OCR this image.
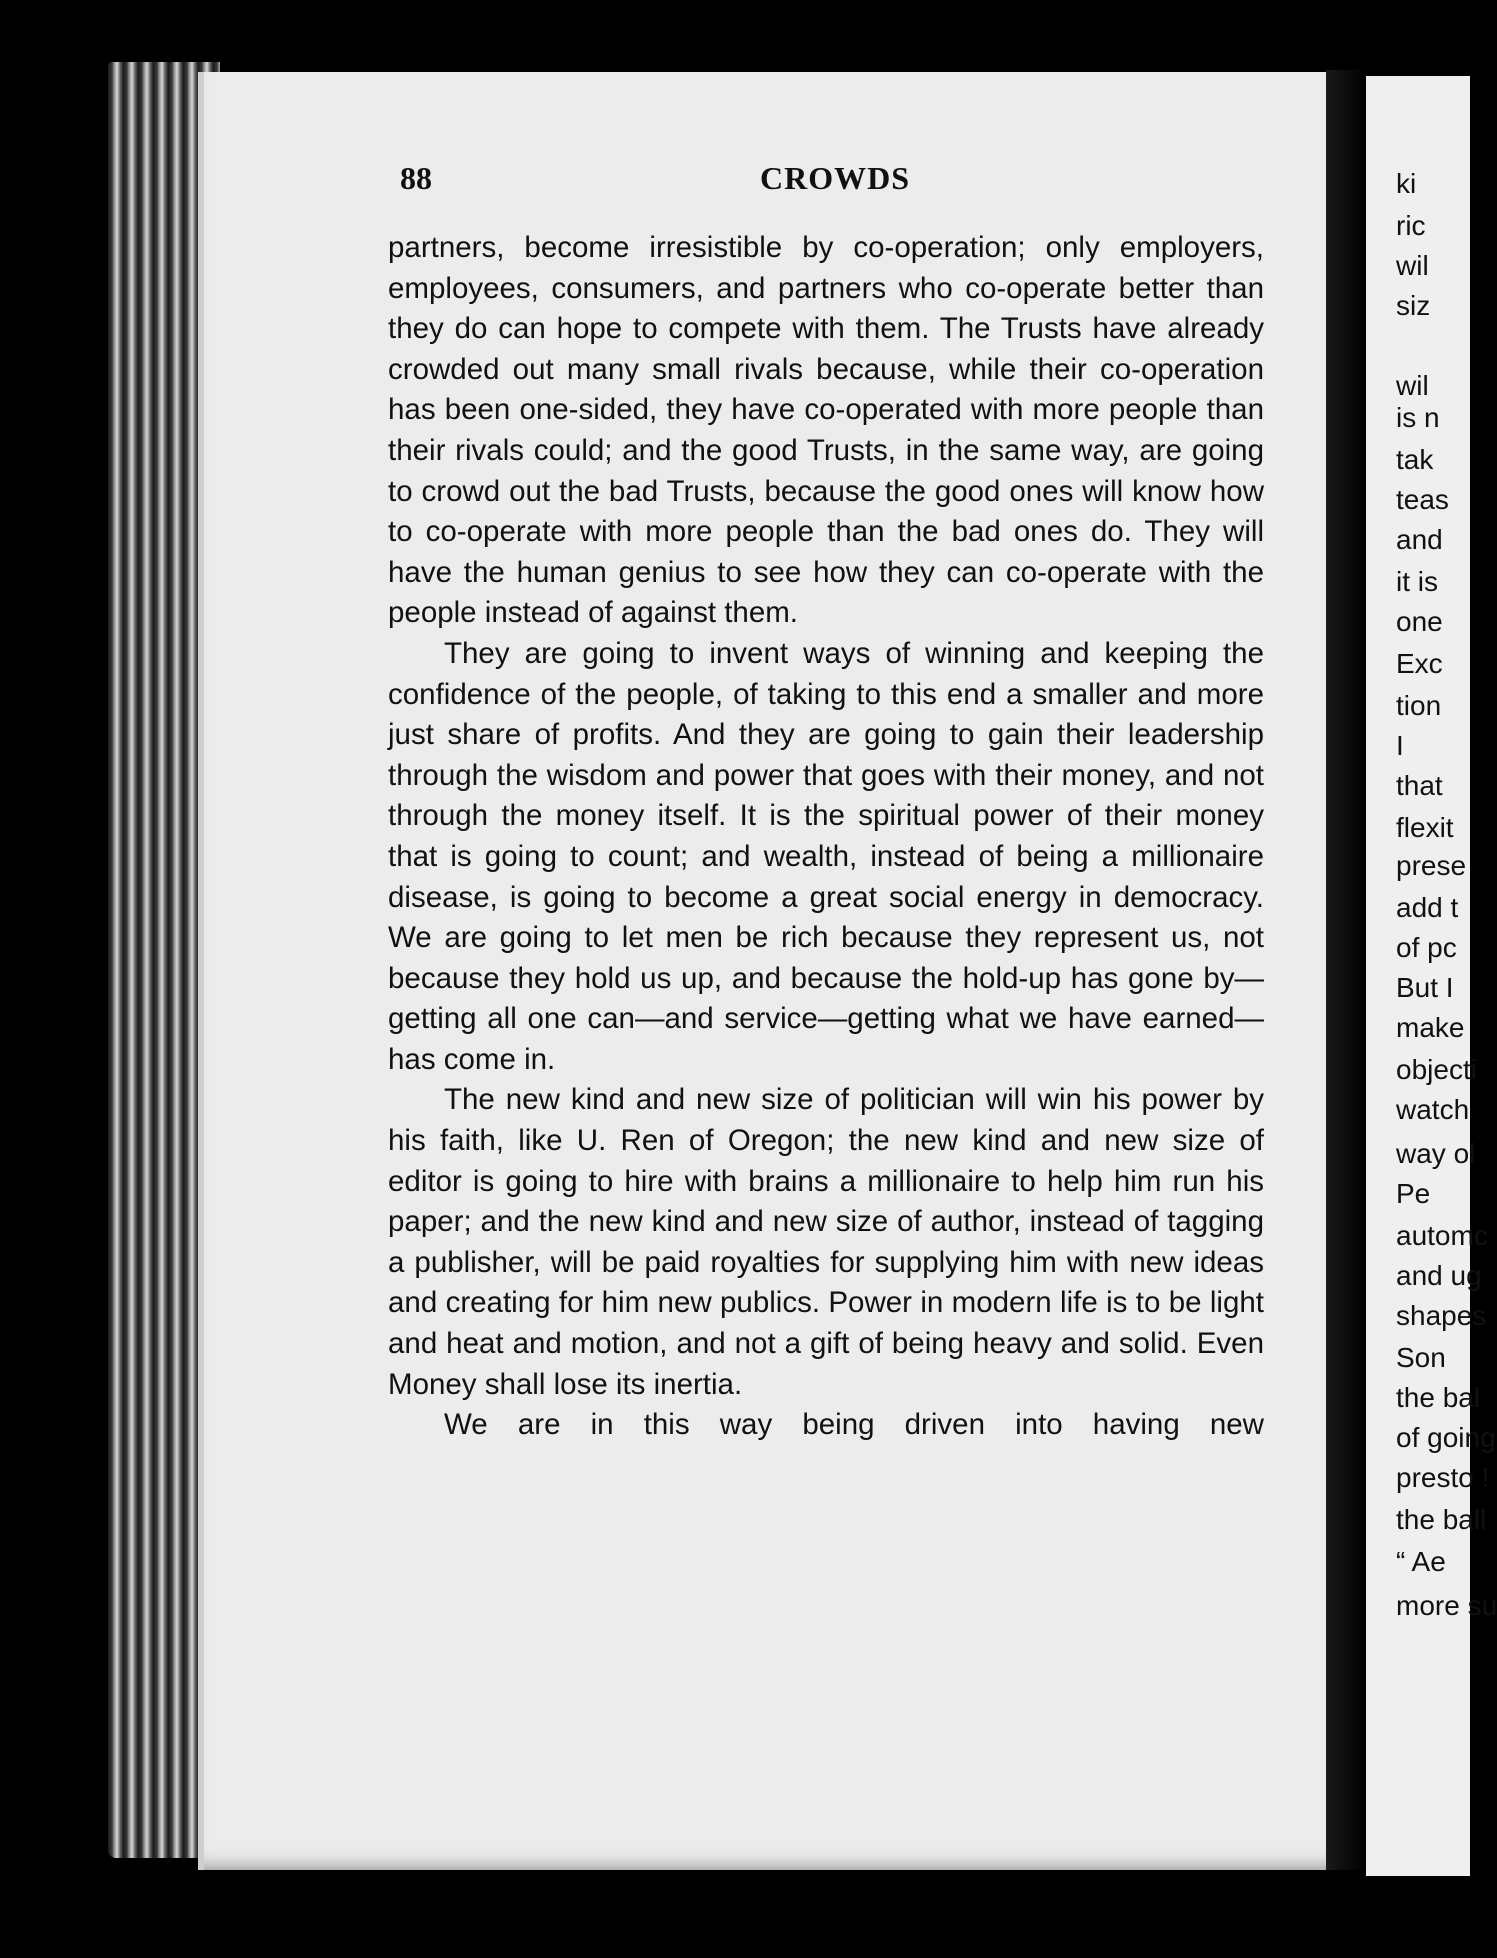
ki
ric
wil
siz
wil
is n
tak
teas
and
it is
one
Exc
tion
I
that
flexit
prese
add t
of pc
But I
make
objecti
watch
way ol
Pe
automc
and ug
shapes
Son
the bal
of going
presto !
the ball
“ Ae
more su
88	CROWDS

partners, become irresistible by co-operation; only employers, employees, consumers, and partners who co-operate better than they do can hope to compete with them. The Trusts have already crowded out many small rivals because, while their co-operation has been one-sided, they have co-operated with more people than their rivals could; and the good Trusts, in the same way, are going to crowd out the bad Trusts, because the good ones will know how to co-operate with more people than the bad ones do. They will have the human genius to see how they can co-operate with the people instead of against them.

They are going to invent ways of winning and keeping the confidence of the people, of taking to this end a smaller and more just share of profits. And they are going to gain their leadership through the wisdom and power that goes with their money, and not through the money itself. It is the spiritual power of their money that is going to count; and wealth, instead of being a millionaire disease, is going to become a great social energy in democracy. We are going to let men be rich because they represent us, not because they hold us up, and because the hold-up has gone by—getting all one can—and service—getting what we have earned—has come in.

The new kind and new size of politician will win his power by his faith, like U. Ren of Oregon; the new kind and new size of editor is going to hire with brains a millionaire to help him run his paper; and the new kind and new size of author, instead of tagging a publisher, will be paid royalties for supplying him with new ideas and creating for him new publics. Power in modern life is to be light and heat and motion, and not a gift of being heavy and solid. Even Money shall lose its inertia.

We are in this way being driven into having new
